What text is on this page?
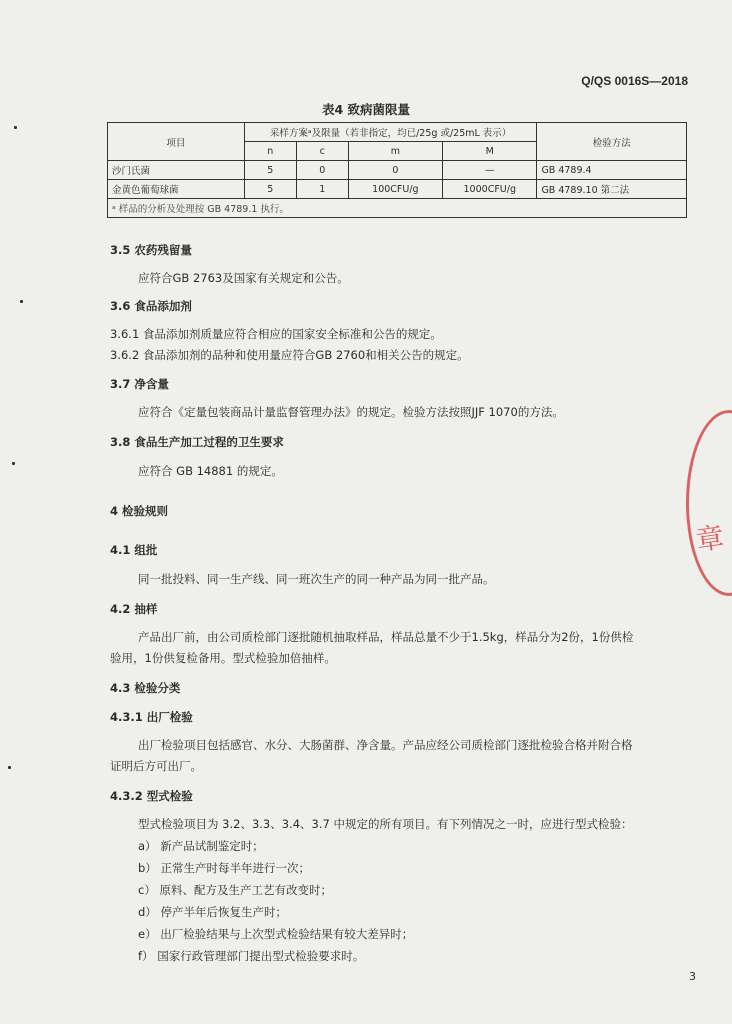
Q/QS 0016S—2018
表4 致病菌限量
项目	采样方案ᵃ及限量（若非指定，均已/25g 或/25mL 表示）				检验方法
	n	c	m	M	
沙门氏菌	5	0	0	—	GB 4789.4
金黄色葡萄球菌	5	1	100CFU/g	1000CFU/g	GB 4789.10 第二法
ᵃ 样品的分析及处理按 GB 4789.1 执行。					
3.5 农药残留量
应符合GB 2763及国家有关规定和公告。
3.6 食品添加剂
3.6.1 食品添加剂质量应符合相应的国家安全标准和公告的规定。
3.6.2 食品添加剂的品种和使用量应符合GB 2760和相关公告的规定。
3.7 净含量
应符合《定量包装商品计量监督管理办法》的规定。检验方法按照JJF 1070的方法。
3.8 食品生产加工过程的卫生要求
应符合 GB 14881 的规定。
4 检验规则
4.1 组批
同一批投料、同一生产线、同一班次生产的同一种产品为同一批产品。
4.2 抽样
产品出厂前，由公司质检部门逐批随机抽取样品，样品总量不少于1.5kg，样品分为2份，1份供检
验用，1份供复检备用。型式检验加倍抽样。
4.3 检验分类
4.3.1 出厂检验
出厂检验项目包括感官、水分、大肠菌群、净含量。产品应经公司质检部门逐批检验合格并附合格
证明后方可出厂。
4.3.2 型式检验
型式检验项目为 3.2、3.3、3.4、3.7 中规定的所有项目。有下列情况之一时，应进行型式检验：
a） 新产品试制鉴定时；
b） 正常生产时每半年进行一次；
c） 原料、配方及生产工艺有改变时；
d） 停产半年后恢复生产时；
e） 出厂检验结果与上次型式检验结果有较大差异时；
f） 国家行政管理部门提出型式检验要求时。
章
3
